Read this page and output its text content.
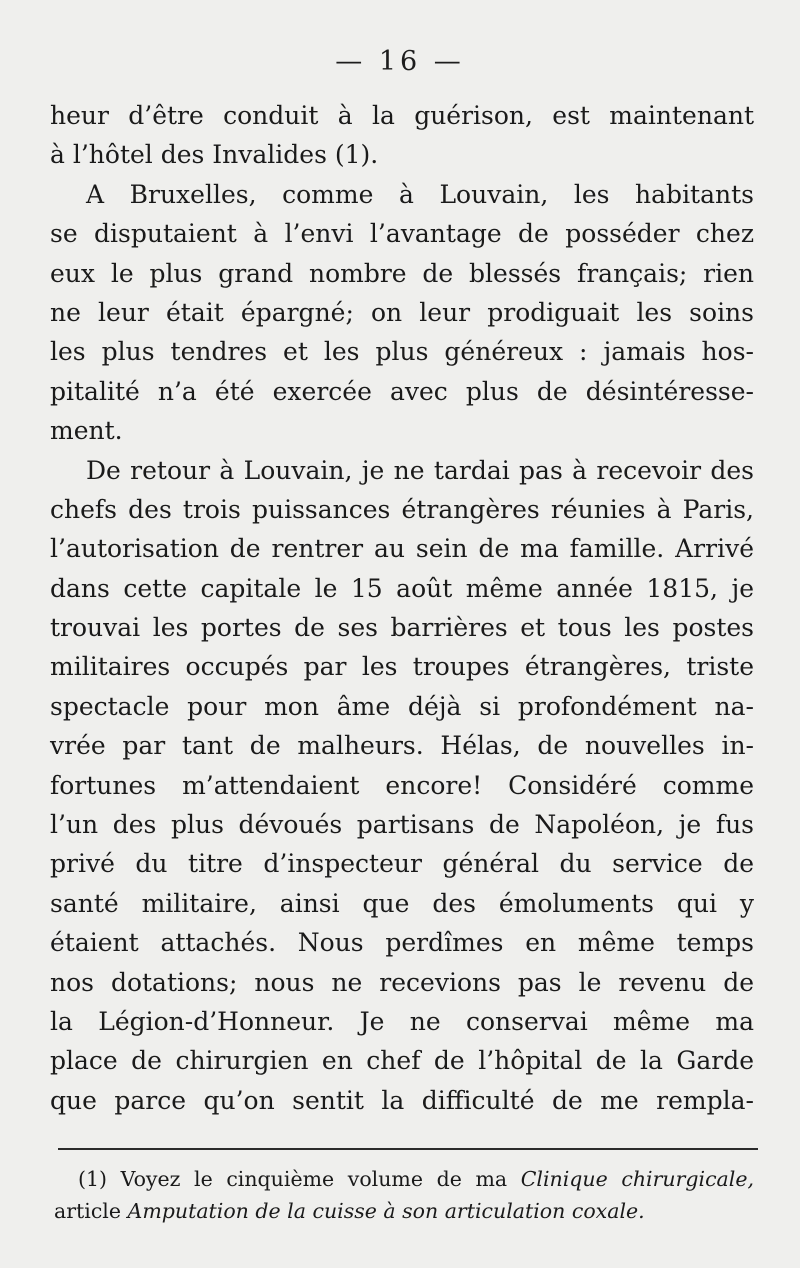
— 16 —
heur d’être conduit à la guérison, est maintenant
à l’hôtel des Invalides (1).
A Bruxelles, comme à Louvain, les habitants
se disputaient à l’envi l’avantage de posséder chez
eux le plus grand nombre de blessés français; rien
ne leur était épargné; on leur prodiguait les soins
les plus tendres et les plus généreux : jamais hos-
pitalité n’a été exercée avec plus de désintéresse-
ment.
De retour à Louvain, je ne tardai pas à recevoir des
chefs des trois puissances étrangères réunies à Paris,
l’autorisation de rentrer au sein de ma famille. Arrivé
dans cette capitale le 15 août même année 1815, je
trouvai les portes de ses barrières et tous les postes
militaires occupés par les troupes étrangères, triste
spectacle pour mon âme déjà si profondément na-
vrée par tant de malheurs. Hélas, de nouvelles in-
fortunes m’attendaient encore! Considéré comme
l’un des plus dévoués partisans de Napoléon, je fus
privé du titre d’inspecteur général du service de
santé militaire, ainsi que des émoluments qui y
étaient attachés. Nous perdîmes en même temps
nos dotations; nous ne recevions pas le revenu de
la Légion-d’Honneur. Je ne conservai même ma
place de chirurgien en chef de l’hôpital de la Garde
que parce qu’on sentit la difficulté de me rempla-
(1) Voyez le cinquième volume de ma Clinique chirurgicale,
article Amputation de la cuisse à son articulation coxale.
